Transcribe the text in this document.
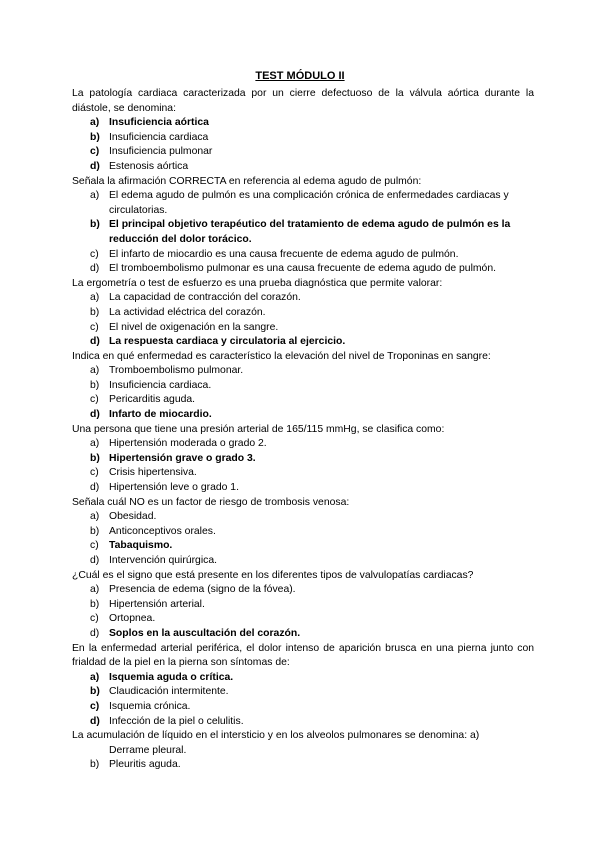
TEST MÓDULO II

La patología cardiaca caracterizada por un cierre defectuoso de la válvula aórtica durante la diástole, se denomina:

a) Insuficiencia aórtica
b) Insuficiencia cardiaca
c) Insuficiencia pulmonar
d) Estenosis aórtica

Señala la afirmación CORRECTA en referencia al edema agudo de pulmón:

a) El edema agudo de pulmón es una complicación crónica de enfermedades cardiacas y circulatorias.
b) El principal objetivo terapéutico del tratamiento de edema agudo de pulmón es la reducción del dolor torácico.
c) El infarto de miocardio es una causa frecuente de edema agudo de pulmón.
d) El tromboembolismo pulmonar es una causa frecuente de edema agudo de pulmón.

La ergometría o test de esfuerzo es una prueba diagnóstica que permite valorar:

a) La capacidad de contracción del corazón.
b) La actividad eléctrica del corazón.
c) El nivel de oxigenación en la sangre.
d) La respuesta cardiaca y circulatoria al ejercicio.

Indica en qué enfermedad es característico la elevación del nivel de Troponinas en sangre:

a) Tromboembolismo pulmonar.
b) Insuficiencia cardiaca.
c) Pericarditis aguda.
d) Infarto de miocardio.

Una persona que tiene una presión arterial de 165/115 mmHg, se clasifica como:

a) Hipertensión moderada o grado 2.
b) Hipertensión grave o grado 3.
c) Crisis hipertensiva.
d) Hipertensión leve o grado 1.

Señala cuál NO es un factor de riesgo de trombosis venosa:

a) Obesidad.
b) Anticonceptivos orales.
c) Tabaquismo.
d) Intervención quirúrgica.

¿Cuál es el signo que está presente en los diferentes tipos de valvulopatías cardiacas?

a) Presencia de edema (signo de la fóvea).
b) Hipertensión arterial.
c) Ortopnea.
d) Soplos en la auscultación del corazón.

En la enfermedad arterial periférica, el dolor intenso de aparición brusca en una pierna junto con frialdad de la piel en la pierna son síntomas de:

a) Isquemia aguda o crítica.
b) Claudicación intermitente.
c) Isquemia crónica.
d) Infección de la piel o celulitis.

La acumulación de líquido en el intersticio y en los alveolos pulmonares se denomina: a)

Derrame pleural.
b) Pleuritis aguda.
